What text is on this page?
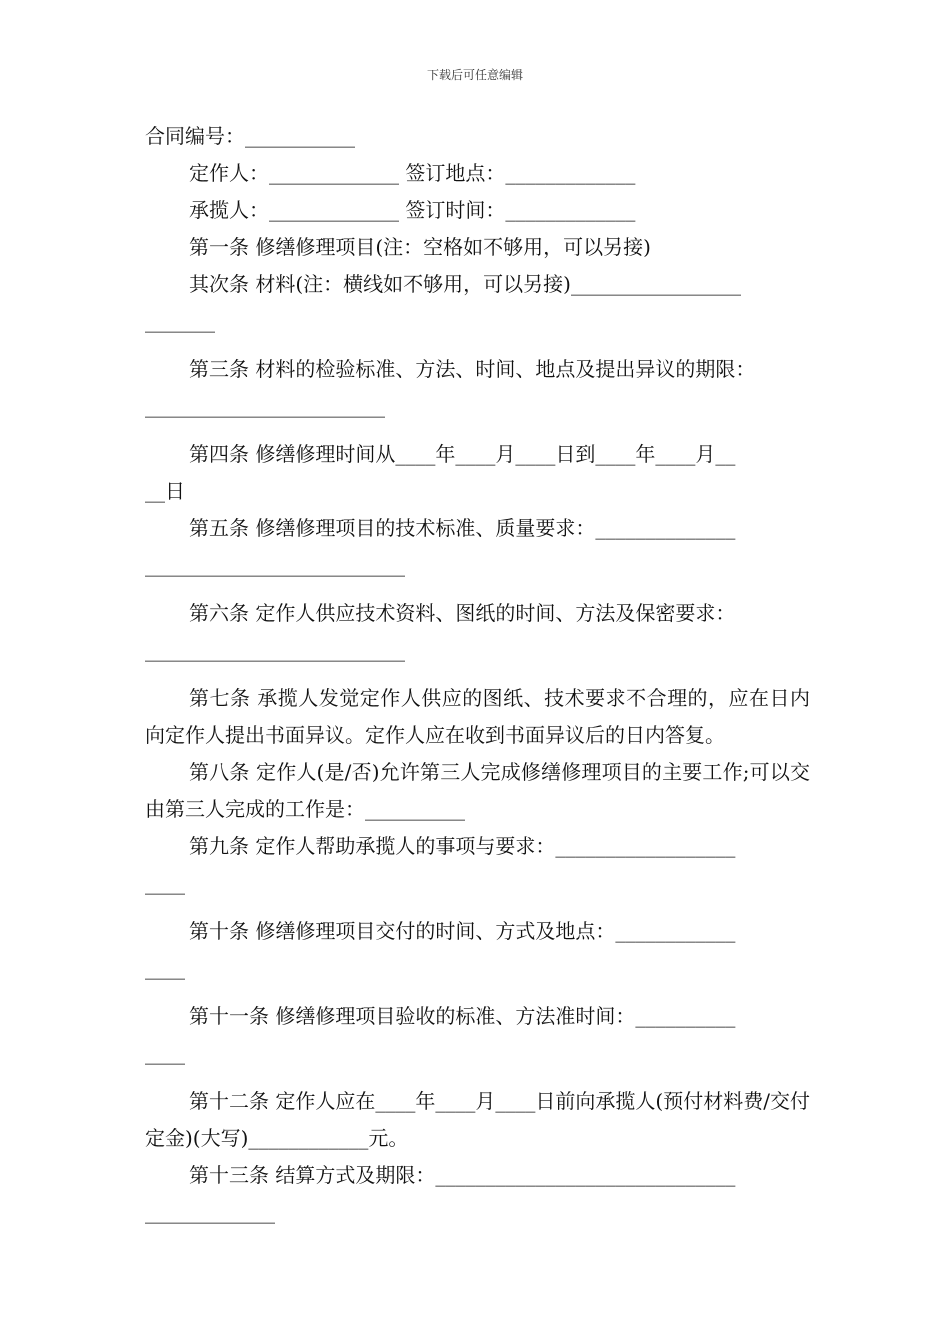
下载后可任意编辑

合同编号：___________

定作人：_____________ 签订地点：_____________

承揽人：_____________ 签订时间：_____________

第一条 修缮修理项目(注：空格如不够用，可以另接)

其次条 材料(注：横线如不够用，可以另接)_________________

_______

第三条 材料的检验标准、方法、时间、地点及提出异议的期限：

________________________

第四条 修缮修理时间从____年____月____日到____年____月__

__日

第五条 修缮修理项目的技术标准、质量要求：______________

__________________________

第六条 定作人供应技术资料、图纸的时间、方法及保密要求：

__________________________

第七条 承揽人发觉定作人供应的图纸、技术要求不合理的，应在日内向定作人提出书面异议。定作人应在收到书面异议后的日内答复。

第八条 定作人(是/否)允许第三人完成修缮修理项目的主要工作;可以交由第三人完成的工作是：__________

第九条 定作人帮助承揽人的事项与要求：__________________

____

第十条 修缮修理项目交付的时间、方式及地点：____________

____

第十一条 修缮修理项目验收的标准、方法准时间：__________

____

第十二条 定作人应在____年____月____日前向承揽人(预付材料费/交付定金)(大写)____________元。

第十三条 结算方式及期限：______________________________

_____________
